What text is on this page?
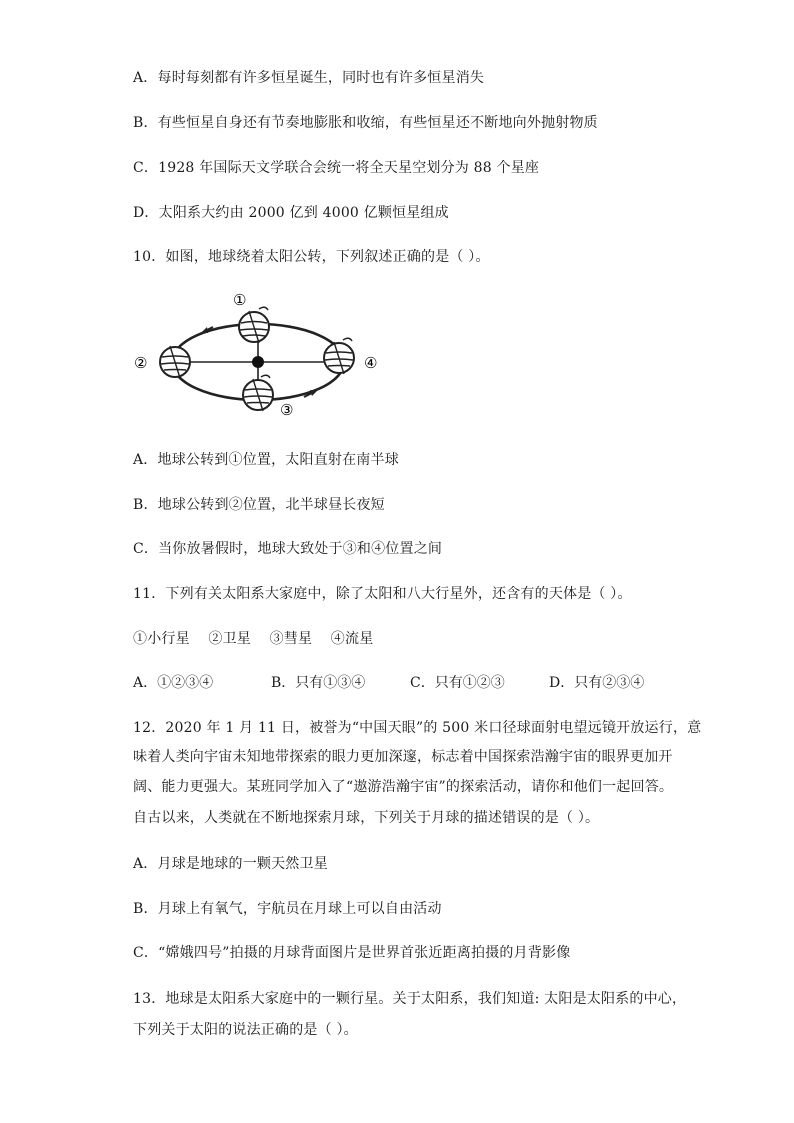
A．每时每刻都有许多恒星诞生，同时也有许多恒星消失
B．有些恒星自身还有节奏地膨胀和收缩，有些恒星还不断地向外抛射物质
C．1928 年国际天文学联合会统一将全天星空划分为 88 个星座
D．太阳系大约由 2000 亿到 4000 亿颗恒星组成
10．如图，地球绕着太阳公转，下列叙述正确的是（ ）。
①
②
③
④
A．地球公转到①位置，太阳直射在南半球
B．地球公转到②位置，北半球昼长夜短
C．当你放暑假时，地球大致处于③和④位置之间
11．下列有关太阳系大家庭中，除了太阳和八大行星外，还含有的天体是（ ）。
①小行星    ②卫星    ③彗星    ④流星
A．①②③④	B．只有①③④	C．只有①②③	D．只有②③④
12．2020 年 1 月 11 日，被誉为“中国天眼”的 500 米口径球面射电望远镜开放运行，意
味着人类向宇宙未知地带探索的眼力更加深邃，标志着中国探索浩瀚宇宙的眼界更加开
阔、能力更强大。某班同学加入了“遨游浩瀚宇宙”的探索活动，请你和他们一起回答。
自古以来，人类就在不断地探索月球，下列关于月球的描述错误的是（ ）。
A．月球是地球的一颗天然卫星
B．月球上有氧气，宇航员在月球上可以自由活动
C．“嫦娥四号”拍摄的月球背面图片是世界首张近距离拍摄的月背影像
13．地球是太阳系大家庭中的一颗行星。关于太阳系，我们知道: 太阳是太阳系的中心，
下列关于太阳的说法正确的是（ ）。
